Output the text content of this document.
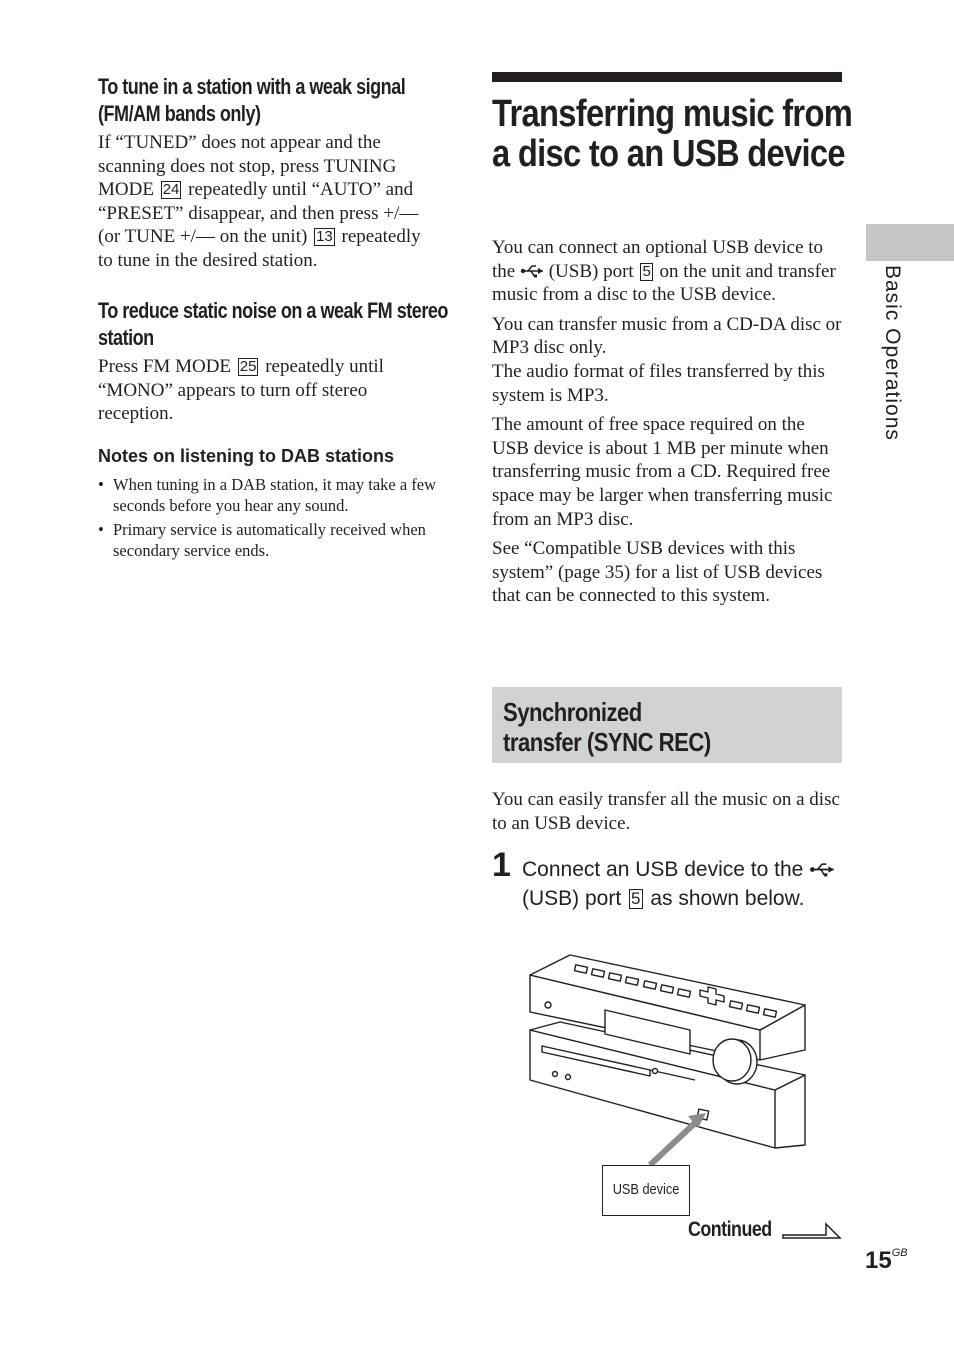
To tune in a station with a weak signal (FM/AM bands only)
If “TUNED” does not appear and the scanning does not stop, press TUNING MODE 24 repeatedly until “AUTO” and “PRESET” disappear, and then press +/— (or TUNE +/— on the unit) 13 repeatedly to tune in the desired station.
To reduce static noise on a weak FM stereo station
Press FM MODE 25 repeatedly until “MONO” appears to turn off stereo reception.
Notes on listening to DAB stations
• When tuning in a DAB station, it may take a few seconds before you hear any sound.
• Primary service is automatically received when secondary service ends.
Transferring music from a disc to an USB device

You can connect an optional USB device to the  (USB) port 5 on the unit and transfer music from a disc to the USB device.

You can transfer music from a CD-DA disc or MP3 disc only.
The audio format of files transferred by this system is MP3.

The amount of free space required on the USB device is about 1 MB per minute when transferring music from a CD. Required free space may be larger when transferring music from an MP3 disc.

See “Compatible USB devices with this system” (page 35) for a list of USB devices that can be connected to this system.

Synchronized transfer (SYNC REC)
You can easily transfer all the music on a disc to an USB device.
1 Connect an USB device to the  (USB) port 5 as shown below.
USB device
Continued
Basic Operations
$15^{GB}$
